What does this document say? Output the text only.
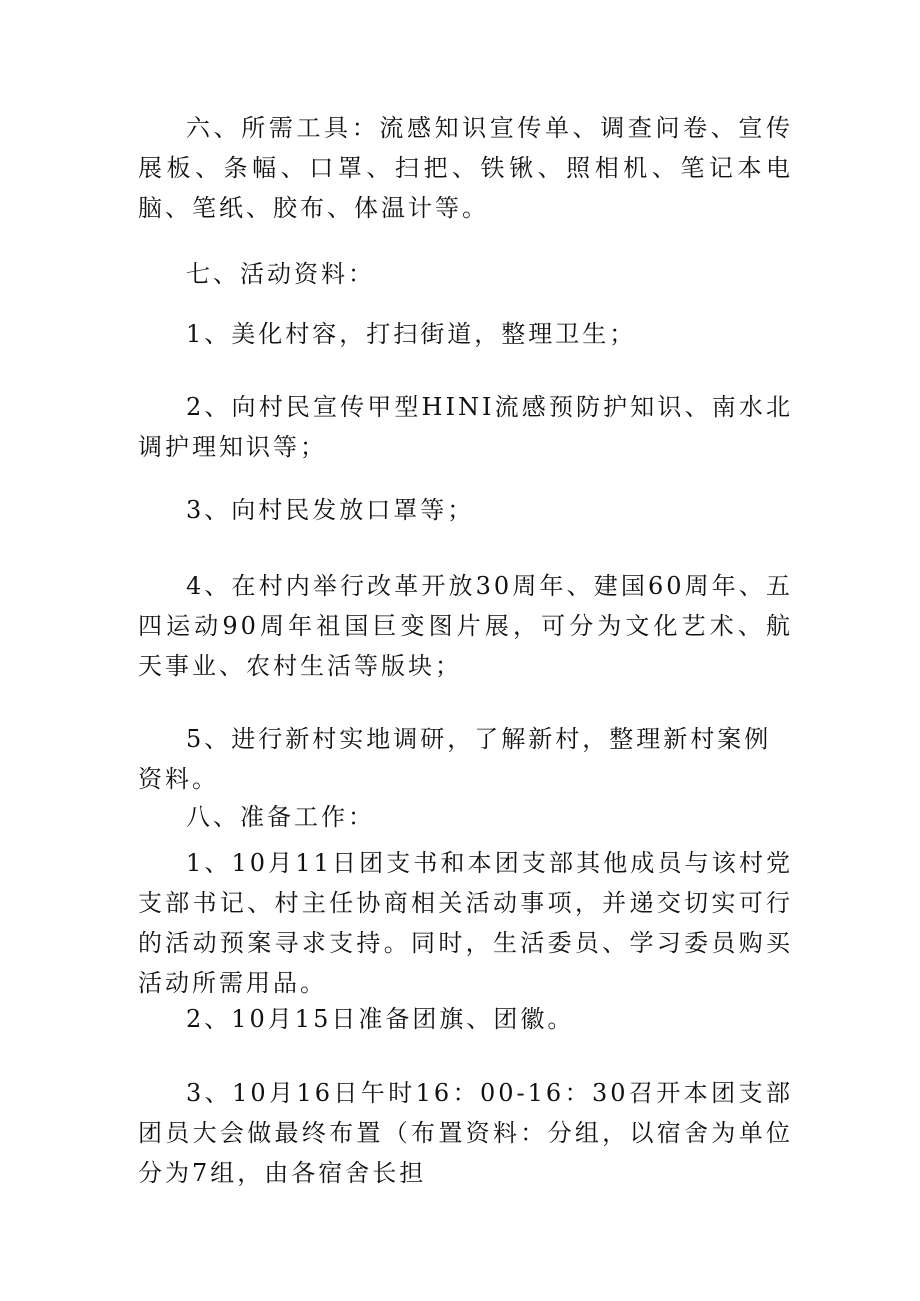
六、所需工具：流感知识宣传单、调查问卷、宣传展板、条幅、口罩、扫把、铁锹、照相机、笔记本电脑、笔纸、胶布、体温计等。

七、活动资料：

1、美化村容，打扫街道，整理卫生；

2、向村民宣传甲型HINI流感预防护知识、南水北调护理知识等；

3、向村民发放口罩等；

4、在村内举行改革开放30周年、建国60周年、五四运动90周年祖国巨变图片展，可分为文化艺术、航天事业、农村生活等版块；

5、进行新村实地调研，了解新村，整理新村案例资料。

八、准备工作：

1、10月11日团支书和本团支部其他成员与该村党支部书记、村主任协商相关活动事项，并递交切实可行的活动预案寻求支持。同时，生活委员、学习委员购买活动所需用品。

2、10月15日准备团旗、团徽。

3、10月16日午时16：00-16：30召开本团支部团员大会做最终布置（布置资料：分组，以宿舍为单位分为7组，由各宿舍长担
